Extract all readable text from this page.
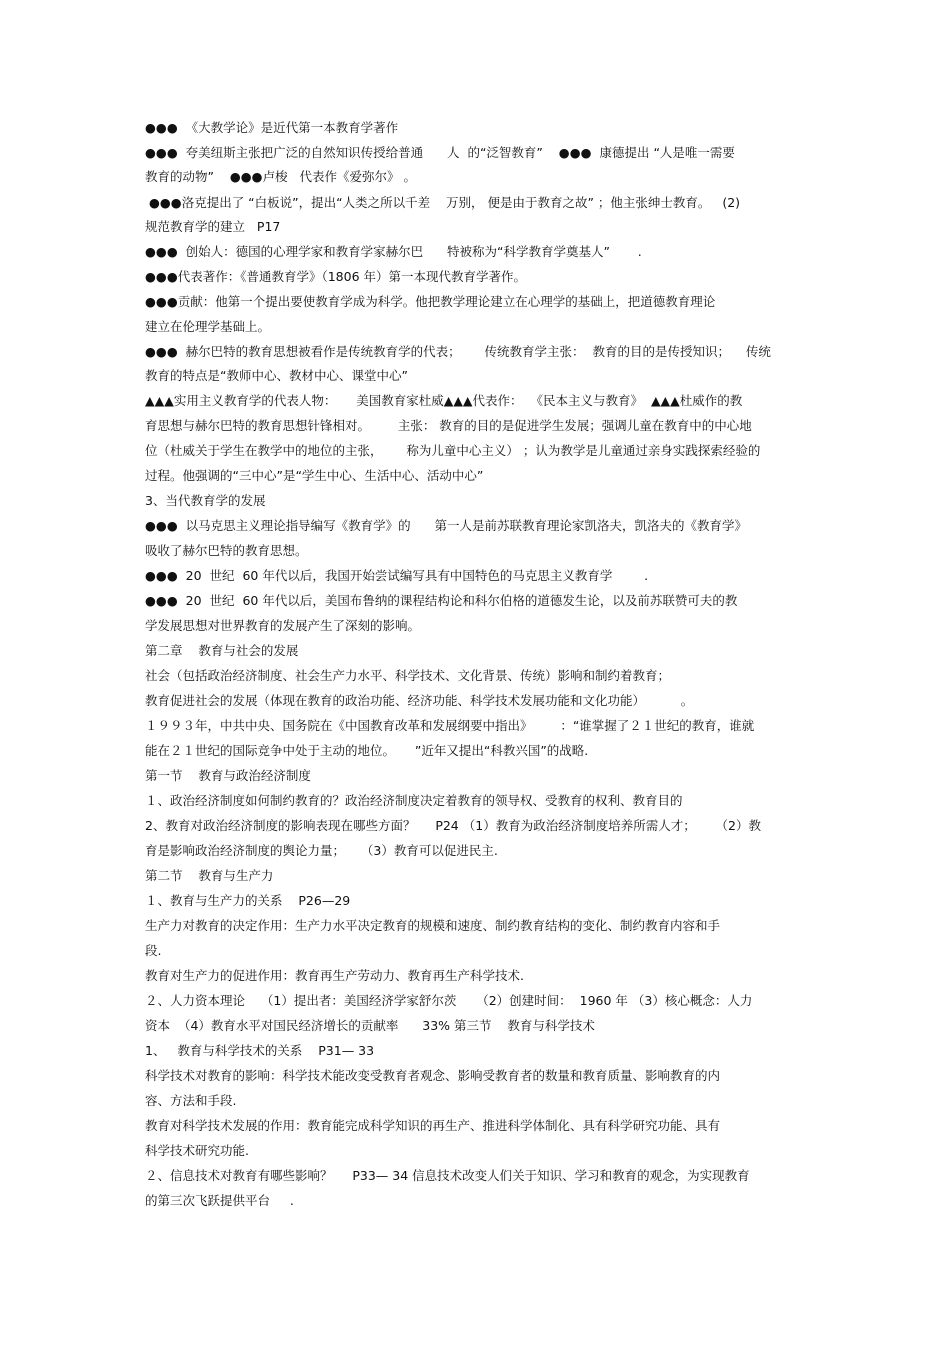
●●●  《大教学论》是近代第一本教育学著作
●●●  夸美纽斯主张把广泛的自然知识传授给普通      人  的“泛智教育”    ●●●  康德提出 “人是唯一需要
教育的动物”    ●●●卢梭   代表作《爱弥尔》 。
●●●洛克提出了 “白板说”，提出“人类之所以千差    万别， 便是由于教育之故” ；他主张绅士教育。   (2)
规范教育学的建立   P17
●●●  创始人：德国的心理学家和教育学家赫尔巴      特被称为“科学教育学奠基人”       .
●●●代表著作：《普通教育学》（1806 年）第一本现代教育学著作。
●●●贡献：他第一个提出要使教育学成为科学。他把教学理论建立在心理学的基础上，把道德教育理论
建立在伦理学基础上。
●●●  赫尔巴特的教育思想被看作是传统教育学的代表；      传统教育学主张：  教育的目的是传授知识；    传统
教育的特点是“教师中心、教材中心、课堂中心”
▲▲▲实用主义教育学的代表人物：     美国教育家杜威▲▲▲代表作：  《民本主义与教育》  ▲▲▲杜威作的教
育思想与赫尔巴特的教育思想针锋相对。       主张： 教育的目的是促进学生发展；强调儿童在教育中的中心地
位（杜威关于学生在教学中的地位的主张，      称为儿童中心主义） ；认为教学是儿童通过亲身实践探索经验的
过程。他强调的“三中心”是“学生中心、生活中心、活动中心”
3、当代教育学的发展
●●●  以马克思主义理论指导编写《教育学》的      第一人是前苏联教育理论家凯洛夫，凯洛夫的《教育学》
吸收了赫尔巴特的教育思想。
●●●  20  世纪  60 年代以后，我国开始尝试编写具有中国特色的马克思主义教育学        .
●●●  20  世纪  60 年代以后，美国布鲁纳的课程结构论和科尔伯格的道德发生论，以及前苏联赞可夫的教
学发展思想对世界教育的发展产生了深刻的影响。
第二章    教育与社会的发展
社会（包括政治经济制度、社会生产力水平、科学技术、文化背景、传统）影响和制约着教育；
教育促进社会的发展（体现在教育的政治功能、经济功能、科学技术发展功能和文化功能）         。
１９９３年，中共中央、国务院在《中国教育改革和发展纲要中指出》       ：“谁掌握了２１世纪的教育，谁就
能在２１世纪的国际竞争中处于主动的地位。     ”近年又提出“科教兴国”的战略.
第一节    教育与政治经济制度
１、政治经济制度如何制约教育的？政治经济制度决定着教育的领导权、受教育的权利、教育目的
2、教育对政治经济制度的影响表现在哪些方面？     P24 （1）教育为政治经济制度培养所需人才；     （2）教
育是影响政治经济制度的舆论力量；    （3）教育可以促进民主.
第二节    教育与生产力
１、教育与生产力的关系    P26—29
生产力对教育的决定作用：生产力水平决定教育的规模和速度、制约教育结构的变化、制约教育内容和手
段.
教育对生产力的促进作用：教育再生产劳动力、教育再生产科学技术.
２、人力资本理论    （1）提出者：美国经济学家舒尔茨     （2）创建时间：  1960 年 （3）核心概念：人力
资本  （4）教育水平对国民经济增长的贡献率      33% 第三节    教育与科学技术
1、   教育与科学技术的关系    P31— 33
科学技术对教育的影响：科学技术能改变受教育者观念、影响受教育者的数量和教育质量、影响教育的内
容、方法和手段.
教育对科学技术发展的作用：教育能完成科学知识的再生产、推进科学体制化、具有科学研究功能、具有
科学技术研究功能.
２、信息技术对教育有哪些影响？     P33— 34 信息技术改变人们关于知识、学习和教育的观念，为实现教育
的第三次飞跃提供平台     .
